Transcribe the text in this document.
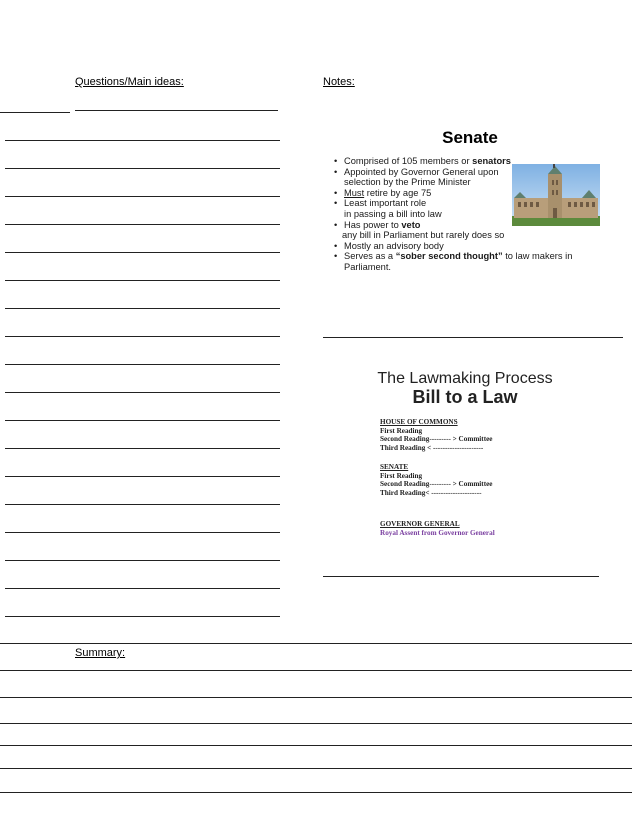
Questions/Main ideas:	Notes:
Senate
• Comprised of 105 members or senators
• Appointed by Governor General upon selection by the Prime Minister
• Must retire by age 75
• Least important role
in passing a bill into law
• Has power to veto
any bill in Parliament but rarely does so
• Mostly an advisory body
• Serves as a “sober second thought” to law makers in Parliament.
The Lawmaking Process
Bill to a Law
HOUSE OF COMMONS
First Reading
Second Reading--------- > Committee
Third Reading < ---------------------
SENATE
First Reading
Second Reading--------- > Committee
Third Reading< ---------------------
GOVERNOR GENERAL
Royal Assent from Governor General
Summary:
